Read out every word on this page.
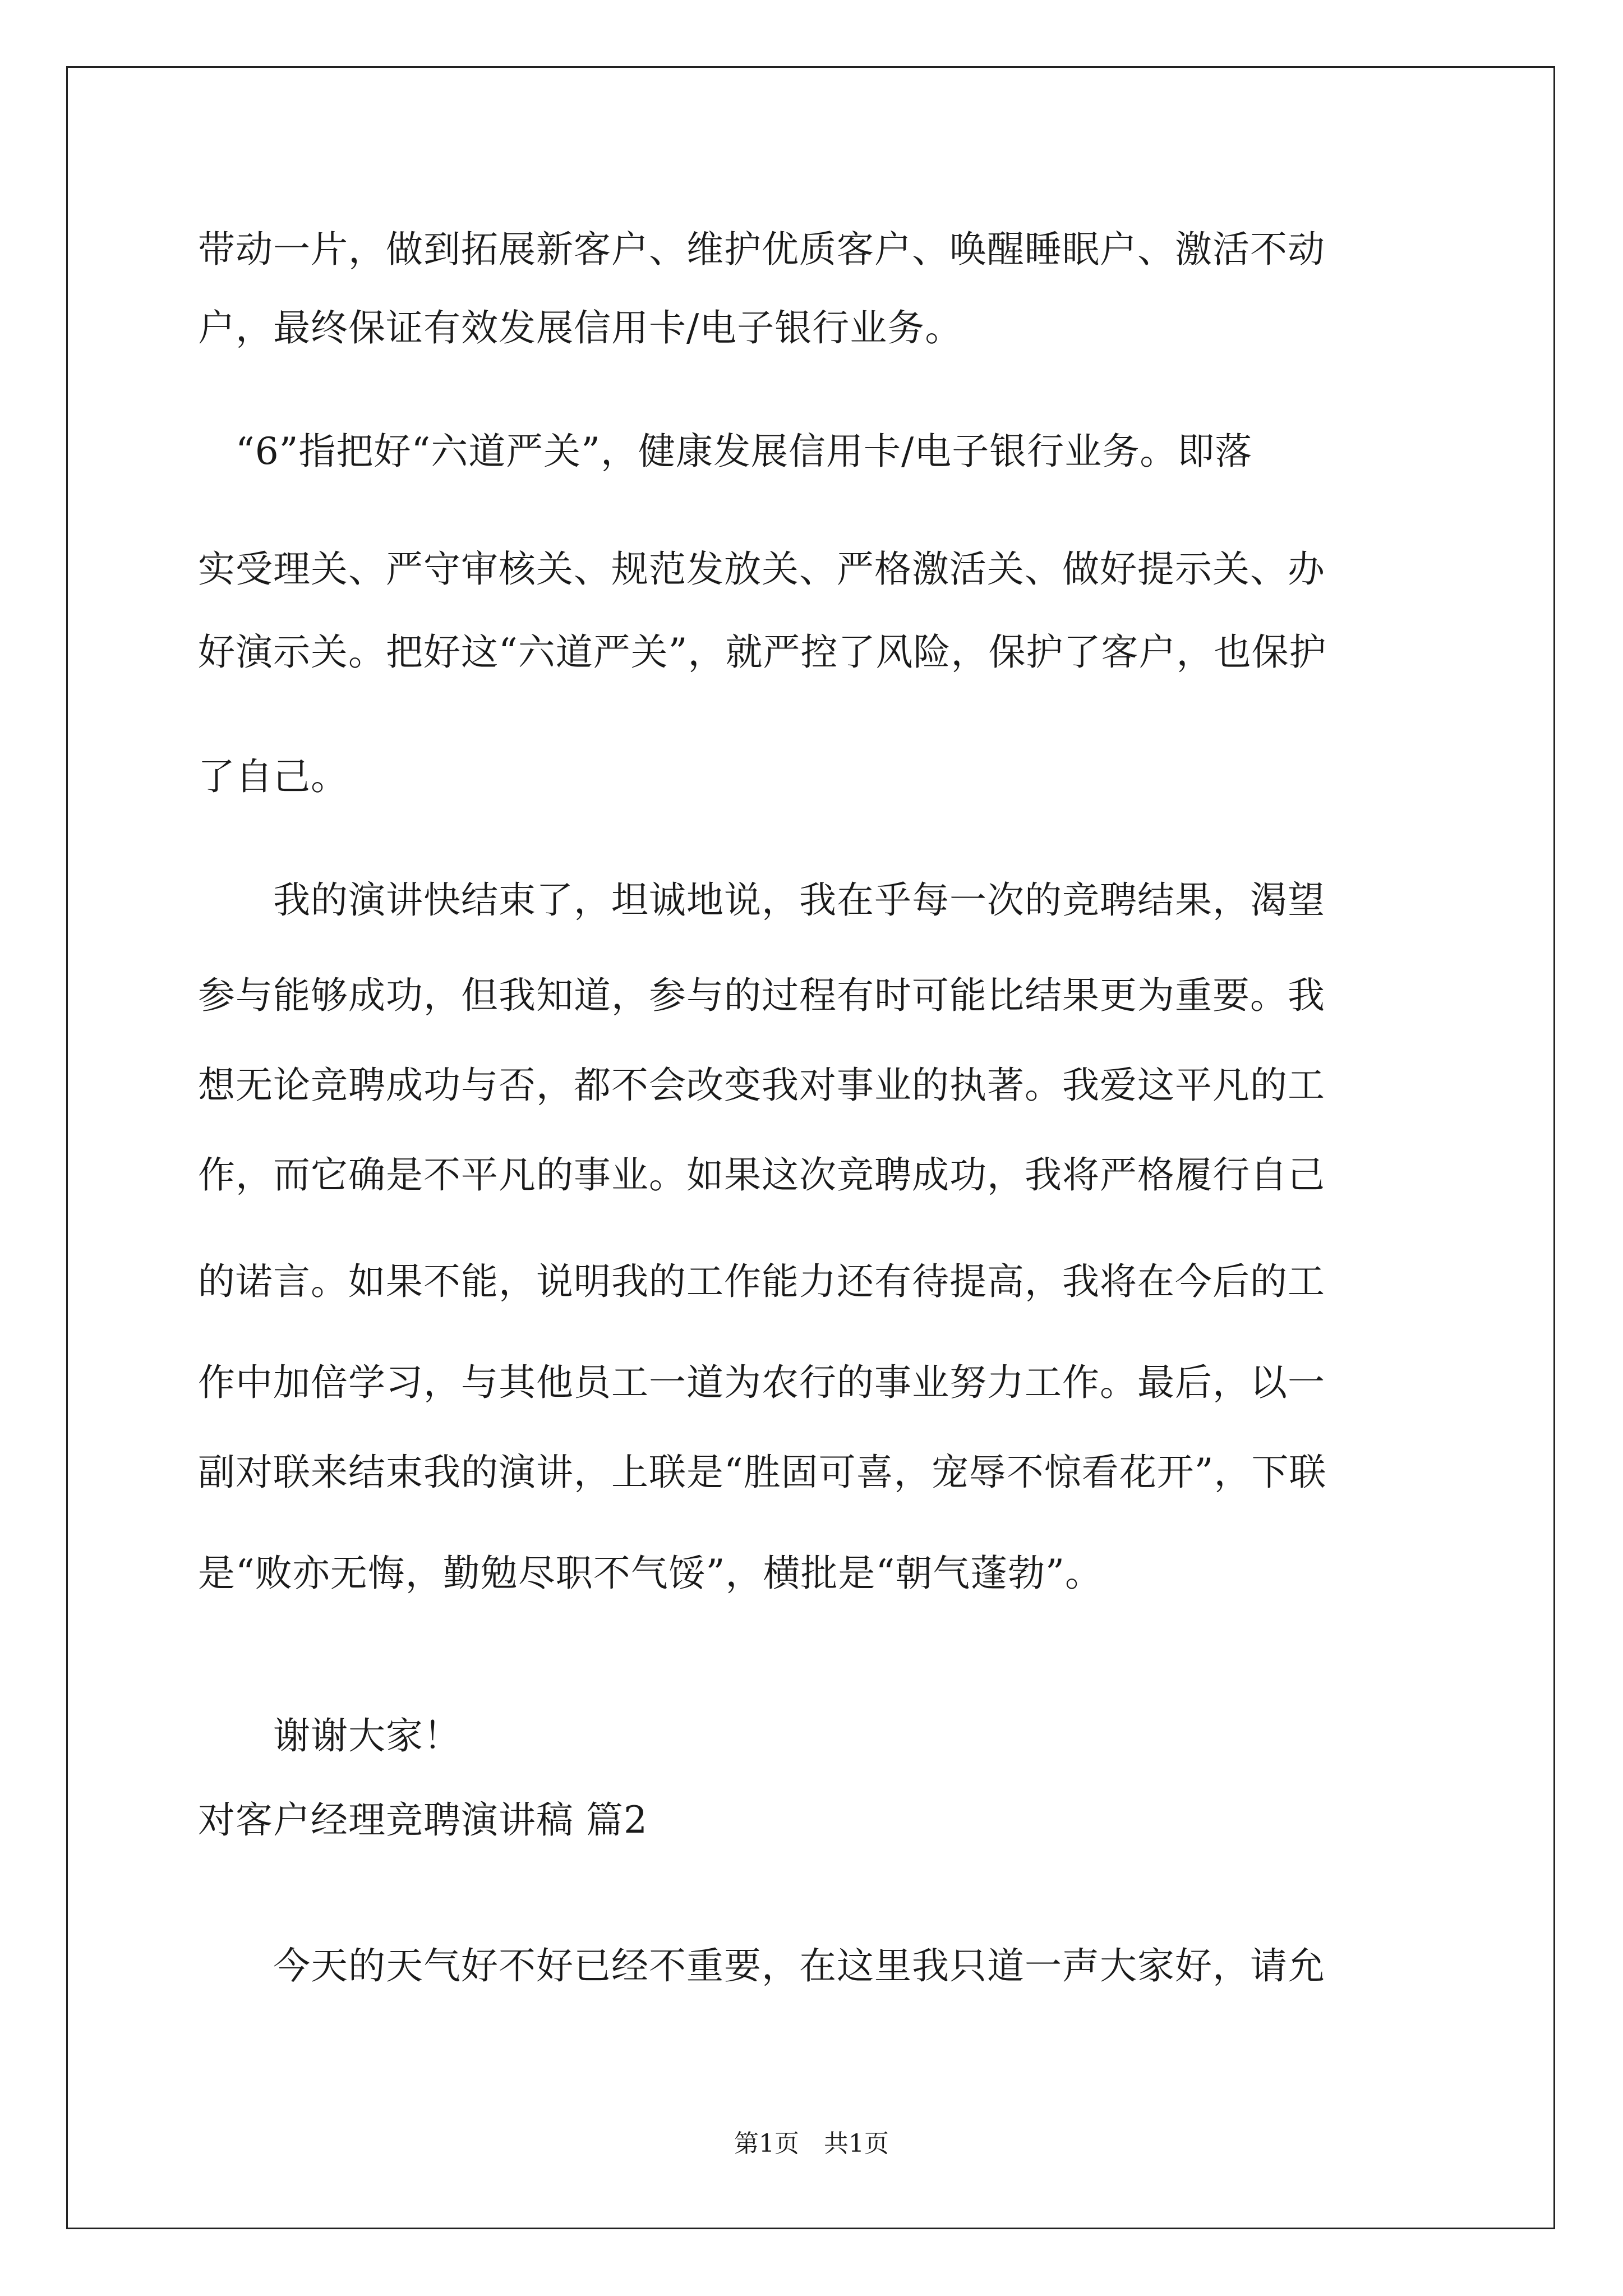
带动一片，做到拓展新客户、维护优质客户、唤醒睡眠户、激活不动
户，最终保证有效发展信用卡/电子银行业务。
　“6”指把好“六道严关”，健康发展信用卡/电子银行业务。即落
实受理关、严守审核关、规范发放关、严格激活关、做好提示关、办
好演示关。把好这“六道严关”，就严控了风险，保护了客户，也保护
了自己。
　　我的演讲快结束了，坦诚地说，我在乎每一次的竞聘结果，渴望
参与能够成功，但我知道，参与的过程有时可能比结果更为重要。我
想无论竞聘成功与否，都不会改变我对事业的执著。我爱这平凡的工
作，而它确是不平凡的事业。如果这次竞聘成功，我将严格履行自己
的诺言。如果不能，说明我的工作能力还有待提高，我将在今后的工
作中加倍学习，与其他员工一道为农行的事业努力工作。最后，以一
副对联来结束我的演讲，上联是“胜固可喜，宠辱不惊看花开”，下联
是“败亦无悔，勤勉尽职不气馁”，横批是“朝气蓬勃”。
　　谢谢大家！
对客户经理竞聘演讲稿 篇2
　　今天的天气好不好已经不重要，在这里我只道一声大家好，请允
第1页　共1页
